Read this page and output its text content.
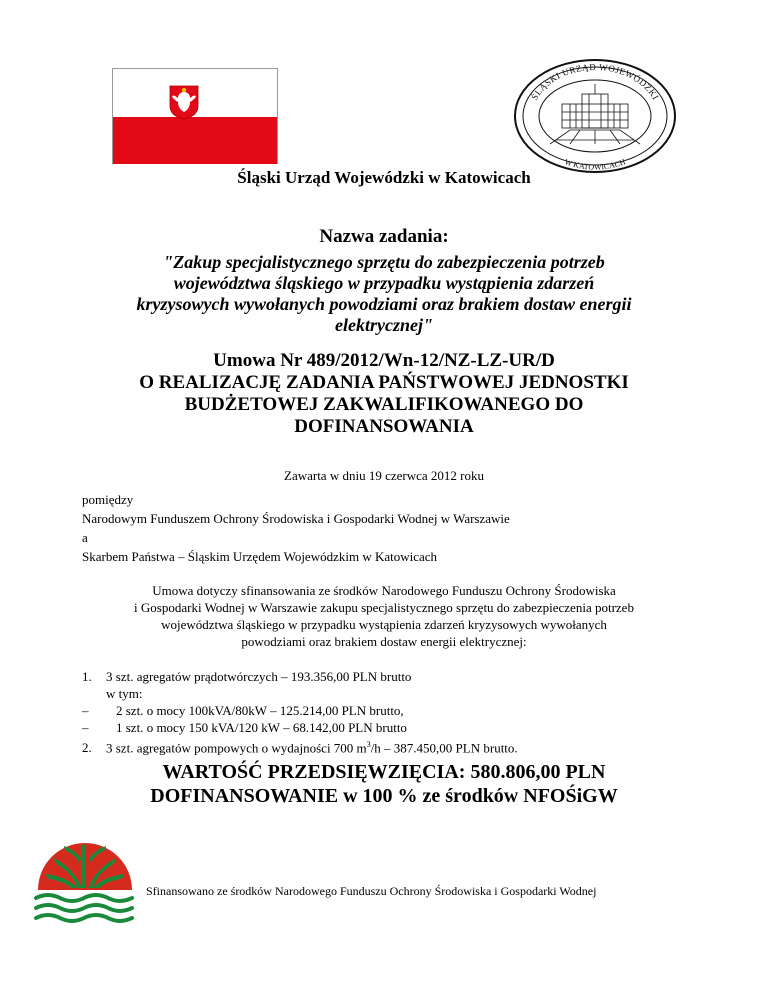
ŚLĄSKI URZĄD WOJEWÓDZKI
W KATOWICACH
Śląski Urząd Wojewódzki w Katowicach
Nazwa zadania:
"Zakup specjalistycznego sprzętu do zabezpieczenia potrzeb
województwa śląskiego w przypadku wystąpienia zdarzeń
kryzysowych wywołanych powodziami oraz brakiem dostaw energii
elektrycznej"
Umowa Nr 489/2012/Wn-12/NZ-LZ-UR/D
O REALIZACJĘ ZADANIA PAŃSTWOWEJ JEDNOSTKI
BUDŻETOWEJ ZAKWALIFIKOWANEGO DO
DOFINANSOWANIA
Zawarta w dniu 19 czerwca 2012 roku
pomiędzy
Narodowym Funduszem Ochrony Środowiska i Gospodarki Wodnej w Warszawie
a
Skarbem Państwa – Śląskim Urzędem Wojewódzkim w Katowicach
Umowa dotyczy sfinansowania ze środków Narodowego Funduszu Ochrony Środowiska
i Gospodarki Wodnej w Warszawie zakupu specjalistycznego sprzętu do zabezpieczenia potrzeb
województwa śląskiego w przypadku wystąpienia zdarzeń kryzysowych wywołanych
powodziami oraz brakiem dostaw energii elektrycznej:
1. 3 szt. agregatów prądotwórczych – 193.356,00 PLN brutto
w tym:
– 2 szt. o mocy 100kVA/80kW – 125.214,00 PLN brutto,
– 1 szt. o mocy 150 kVA/120 kW – 68.142,00 PLN brutto
2. 3 szt. agregatów pompowych o wydajności 700 $m^3/h - 387.450,00$ PLN brutto.
WARTOŚĆ PRZEDSIĘWZIĘCIA: 580.806,00 PLN
DOFINANSOWANIE w 100 % ze środków NFOŚiGW
Sfinansowano ze środków Narodowego Funduszu Ochrony Środowiska i Gospodarki Wodnej
